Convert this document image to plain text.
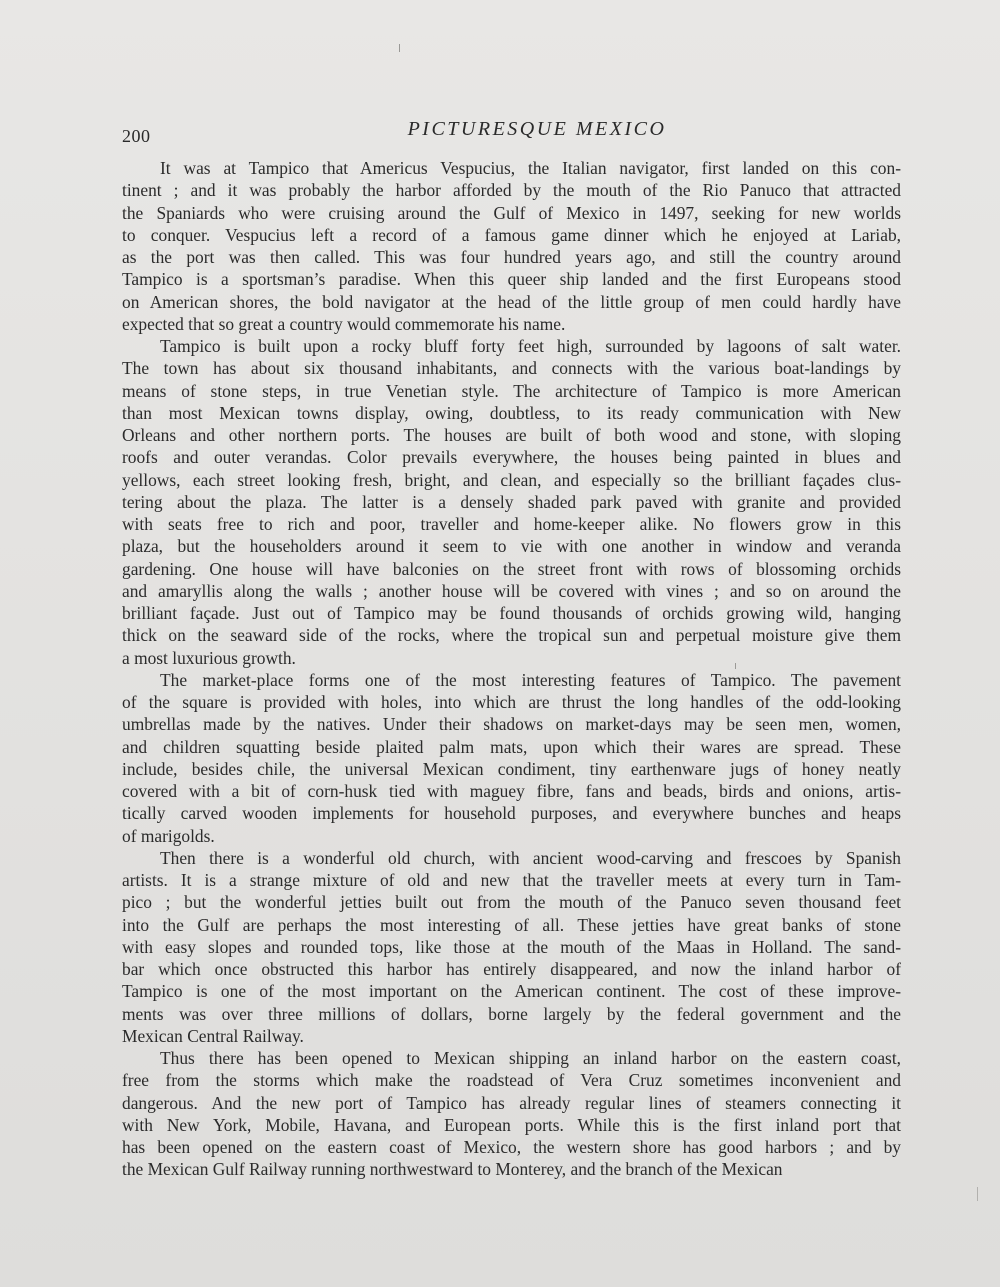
200	PICTURESQUE MEXICO

It was at Tampico that Americus Vespucius, the Italian navigator, first landed on this con-
tinent ; and it was probably the harbor afforded by the mouth of the Rio Panuco that attracted
the Spaniards who were cruising around the Gulf of Mexico in 1497, seeking for new worlds
to conquer. Vespucius left a record of a famous game dinner which he enjoyed at Lariab,
as the port was then called. This was four hundred years ago, and still the country around
Tampico is a sportsman’s paradise. When this queer ship landed and the first Europeans stood
on American shores, the bold navigator at the head of the little group of men could hardly have
expected that so great a country would commemorate his name.

Tampico is built upon a rocky bluff forty feet high, surrounded by lagoons of salt water.
The town has about six thousand inhabitants, and connects with the various boat-landings by
means of stone steps, in true Venetian style. The architecture of Tampico is more American
than most Mexican towns display, owing, doubtless, to its ready communication with New
Orleans and other northern ports. The houses are built of both wood and stone, with sloping
roofs and outer verandas. Color prevails everywhere, the houses being painted in blues and
yellows, each street looking fresh, bright, and clean, and especially so the brilliant façades clus-
tering about the plaza. The latter is a densely shaded park paved with granite and provided
with seats free to rich and poor, traveller and home-keeper alike. No flowers grow in this
plaza, but the householders around it seem to vie with one another in window and veranda
gardening. One house will have balconies on the street front with rows of blossoming orchids
and amaryllis along the walls ; another house will be covered with vines ; and so on around the
brilliant façade. Just out of Tampico may be found thousands of orchids growing wild, hanging
thick on the seaward side of the rocks, where the tropical sun and perpetual moisture give them
a most luxurious growth.

The market-place forms one of the most interesting features of Tampico. The pavement
of the square is provided with holes, into which are thrust the long handles of the odd-looking
umbrellas made by the natives. Under their shadows on market-days may be seen men, women,
and children squatting beside plaited palm mats, upon which their wares are spread. These
include, besides chile, the universal Mexican condiment, tiny earthenware jugs of honey neatly
covered with a bit of corn-husk tied with maguey fibre, fans and beads, birds and onions, artis-
tically carved wooden implements for household purposes, and everywhere bunches and heaps
of marigolds.

Then there is a wonderful old church, with ancient wood-carving and frescoes by Spanish
artists. It is a strange mixture of old and new that the traveller meets at every turn in Tam-
pico ; but the wonderful jetties built out from the mouth of the Panuco seven thousand feet
into the Gulf are perhaps the most interesting of all. These jetties have great banks of stone
with easy slopes and rounded tops, like those at the mouth of the Maas in Holland. The sand-
bar which once obstructed this harbor has entirely disappeared, and now the inland harbor of
Tampico is one of the most important on the American continent. The cost of these improve-
ments was over three millions of dollars, borne largely by the federal government and the
Mexican Central Railway.

Thus there has been opened to Mexican shipping an inland harbor on the eastern coast,
free from the storms which make the roadstead of Vera Cruz sometimes inconvenient and
dangerous. And the new port of Tampico has already regular lines of steamers connecting it
with New York, Mobile, Havana, and European ports. While this is the first inland port that
has been opened on the eastern coast of Mexico, the western shore has good harbors ; and by
the Mexican Gulf Railway running northwestward to Monterey, and the branch of the Mexican
